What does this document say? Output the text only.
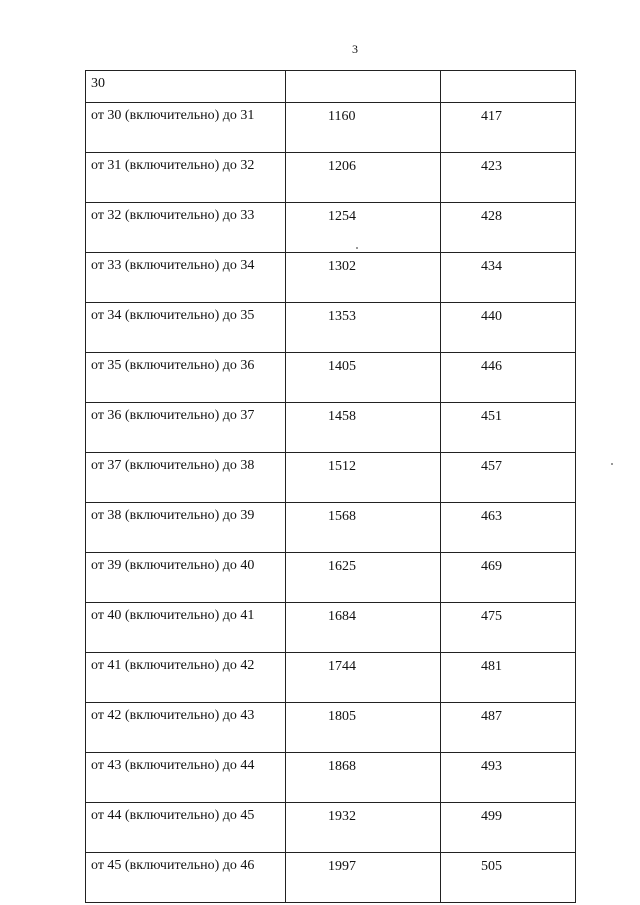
3
30		
от 30 (включительно) до 31	1160	417
от 31 (включительно) до 32	1206	423
от 32 (включительно) до 33	1254	428
от 33 (включительно) до 34	1302	434
от 34 (включительно) до 35	1353	440
от 35 (включительно) до 36	1405	446
от 36 (включительно) до 37	1458	451
от 37 (включительно) до 38	1512	457
от 38 (включительно) до 39	1568	463
от 39 (включительно) до 40	1625	469
от 40 (включительно) до 41	1684	475
от 41 (включительно) до 42	1744	481
от 42 (включительно) до 43	1805	487
от 43 (включительно) до 44	1868	493
от 44 (включительно) до 45	1932	499
от 45 (включительно) до 46	1997	505
